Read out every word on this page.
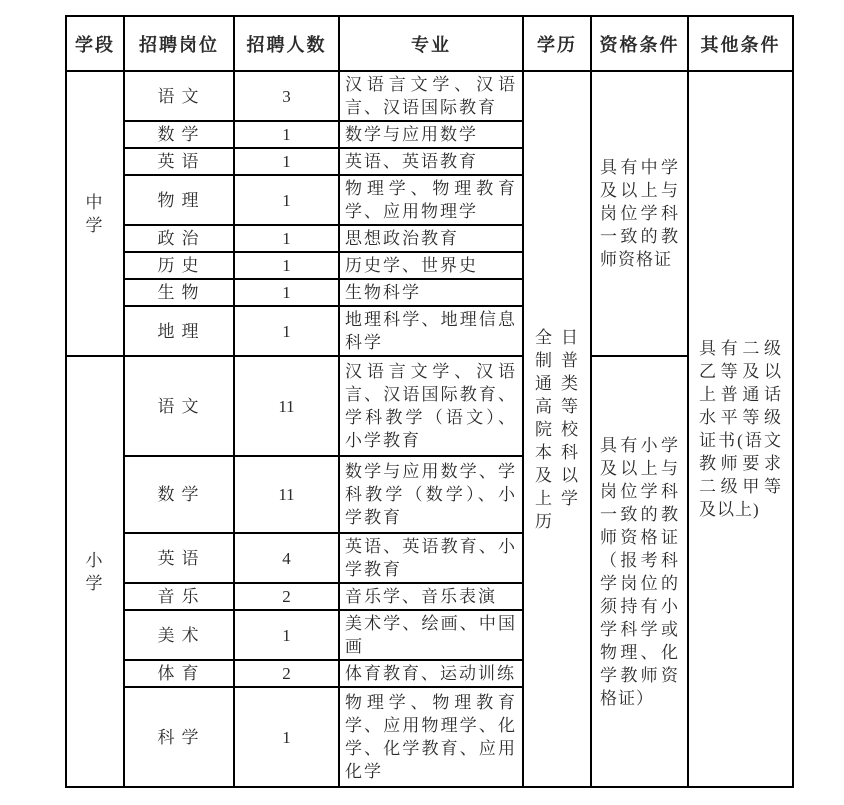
学段	招聘岗位	招聘人数	专业	学历	资格条件	其他条件
中学	语文	3	汉语言文学、汉语言、汉语国际教育	全日制普通类高等院校本科及以上学历	具有中学及以上与岗位学科一致的教师资格证	具有二级乙等及以上普通话水平等级证书(语文教师要求二级甲等及以上)
	数学	1	数学与应用数学			
	英语	1	英语、英语教育			
	物理	1	物理学、物理教育学、应用物理学			
	政治	1	思想政治教育			
	历史	1	历史学、世界史			
	生物	1	生物科学			
	地理	1	地理科学、地理信息科学			
小学	语文	11	汉语言文学、汉语言、汉语国际教育、学科教学（语文）、小学教育		具有小学及以上与岗位学科一致的教师资格证（报考科学岗位的须持有小学科学或物理、化学教师资格证）	
	数学	11	数学与应用数学、学科教学（数学）、小学教育			
	英语	4	英语、英语教育、小学教育			
	音乐	2	音乐学、音乐表演			
	美术	1	美术学、绘画、中国画			
	体育	2	体育教育、运动训练			
	科学	1	物理学、物理教育学、应用物理学、化学、化学教育、应用化学			
